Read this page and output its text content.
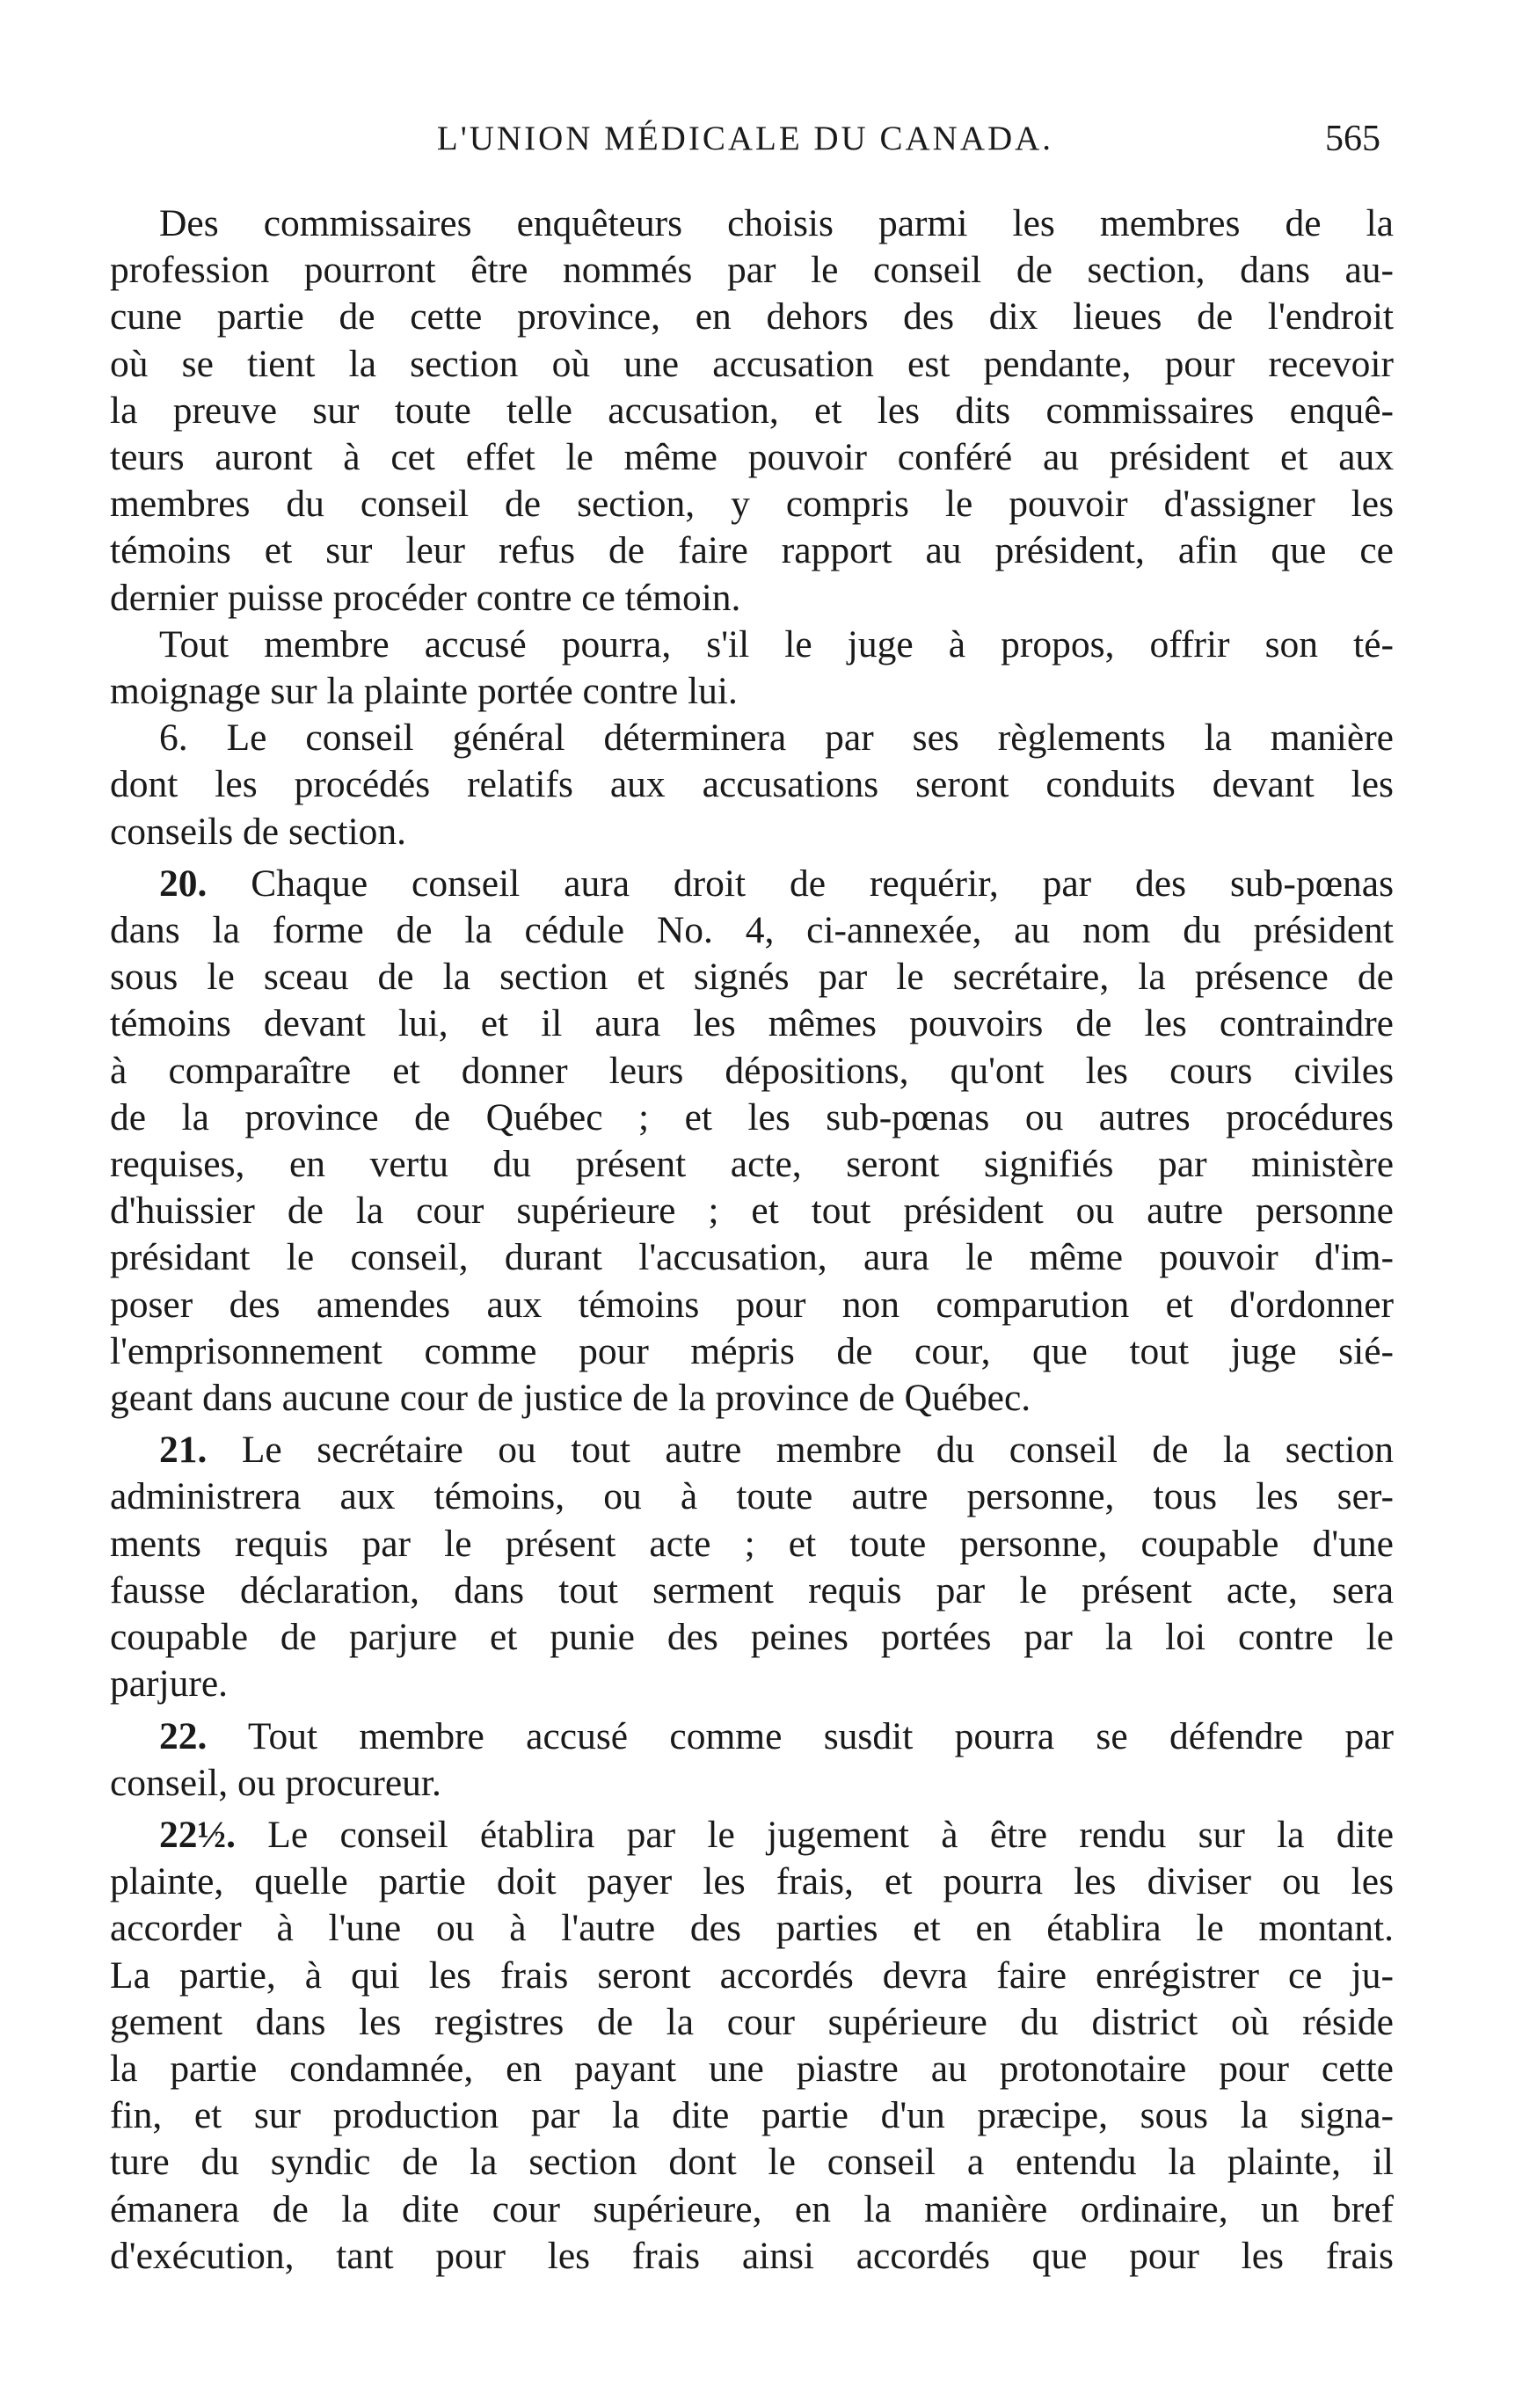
L'UNION MÉDICALE DU CANADA.	565
Des commissaires enquêteurs choisis parmi les membres de la
profession pourront être nommés par le conseil de section, dans au-
cune partie de cette province, en dehors des dix lieues de l'endroit
où se tient la section où une accusation est pendante, pour recevoir
la preuve sur toute telle accusation, et les dits commissaires enquê-
teurs auront à cet effet le même pouvoir conféré au président et aux
membres du conseil de section, y compris le pouvoir d'assigner les
témoins et sur leur refus de faire rapport au président, afin que ce
dernier puisse procéder contre ce témoin.
Tout membre accusé pourra, s'il le juge à propos, offrir son té-
moignage sur la plainte portée contre lui.
6. Le conseil général déterminera par ses règlements la manière
dont les procédés relatifs aux accusations seront conduits devant les
conseils de section.
20. Chaque conseil aura droit de requérir, par des sub-pœnas
dans la forme de la cédule No. 4, ci-annexée, au nom du président
sous le sceau de la section et signés par le secrétaire, la présence de
témoins devant lui, et il aura les mêmes pouvoirs de les contraindre
à comparaître et donner leurs dépositions, qu'ont les cours civiles
de la province de Québec ; et les sub-pœnas ou autres procédures
requises, en vertu du présent acte, seront signifiés par ministère
d'huissier de la cour supérieure ; et tout président ou autre personne
présidant le conseil, durant l'accusation, aura le même pouvoir d'im-
poser des amendes aux témoins pour non comparution et d'ordonner
l'emprisonnement comme pour mépris de cour, que tout juge sié-
geant dans aucune cour de justice de la province de Québec.
21. Le secrétaire ou tout autre membre du conseil de la section
administrera aux témoins, ou à toute autre personne, tous les ser-
ments requis par le présent acte ; et toute personne, coupable d'une
fausse déclaration, dans tout serment requis par le présent acte, sera
coupable de parjure et punie des peines portées par la loi contre le
parjure.
22. Tout membre accusé comme susdit pourra se défendre par
conseil, ou procureur.
22½. Le conseil établira par le jugement à être rendu sur la dite
plainte, quelle partie doit payer les frais, et pourra les diviser ou les
accorder à l'une ou à l'autre des parties et en établira le montant.
La partie, à qui les frais seront accordés devra faire enrégistrer ce ju-
gement dans les registres de la cour supérieure du district où réside
la partie condamnée, en payant une piastre au protonotaire pour cette
fin, et sur production par la dite partie d'un præcipe, sous la signa-
ture du syndic de la section dont le conseil a entendu la plainte, il
émanera de la dite cour supérieure, en la manière ordinaire, un bref
d'exécution, tant pour les frais ainsi accordés que pour les frais
